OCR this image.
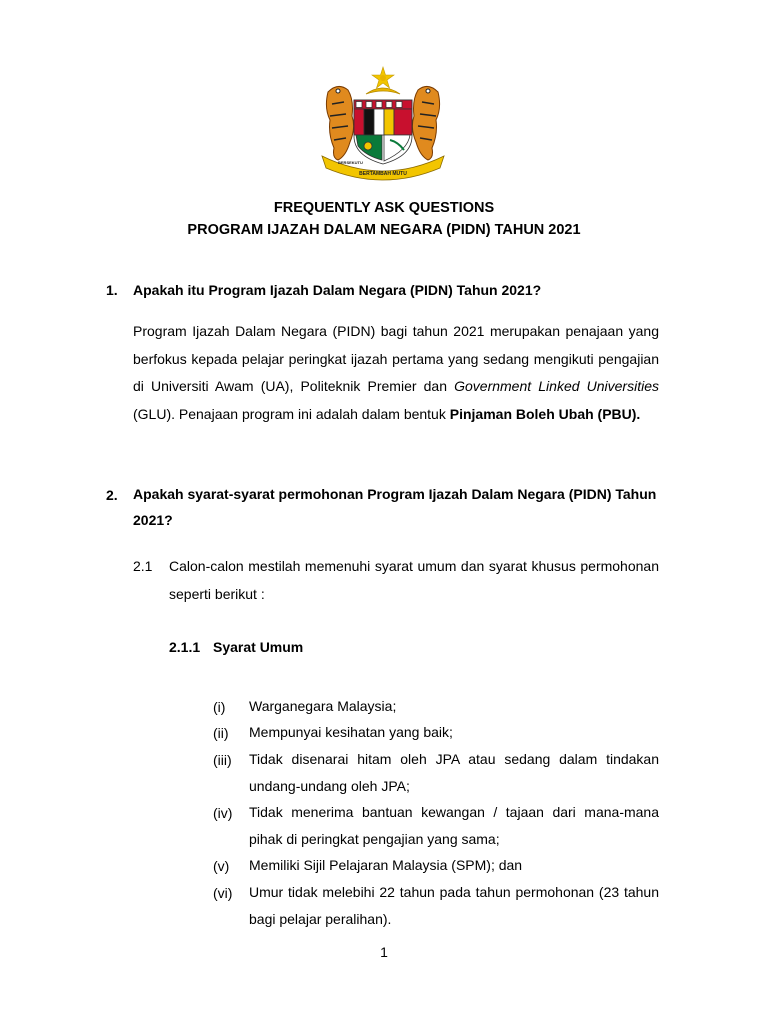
BERTAMBAH MUTU
BERSEKUTU
FREQUENTLY ASK QUESTIONS
PROGRAM IJAZAH DALAM NEGARA (PIDN) TAHUN 2021
1. Apakah itu Program Ijazah Dalam Negara (PIDN) Tahun 2021?
Program Ijazah Dalam Negara (PIDN) bagi tahun 2021 merupakan penajaan yang berfokus kepada pelajar peringkat ijazah pertama yang sedang mengikuti pengajian di Universiti Awam (UA), Politeknik Premier dan Government Linked Universities (GLU). Penajaan program ini adalah dalam bentuk Pinjaman Boleh Ubah (PBU).
2. Apakah syarat-syarat permohonan Program Ijazah Dalam Negara (PIDN) Tahun 2021?
2.1 Calon-calon mestilah memenuhi syarat umum dan syarat khusus permohonan seperti berikut :
2.1.1 Syarat Umum
(i) Warganegara Malaysia;
(ii) Mempunyai kesihatan yang baik;
(iii) Tidak disenarai hitam oleh JPA atau sedang dalam tindakan undang-undang oleh JPA;
(iv) Tidak menerima bantuan kewangan / tajaan dari mana-mana pihak di peringkat pengajian yang sama;
(v) Memiliki Sijil Pelajaran Malaysia (SPM); dan
(vi) Umur tidak melebihi 22 tahun pada tahun permohonan (23 tahun bagi pelajar peralihan).
1
